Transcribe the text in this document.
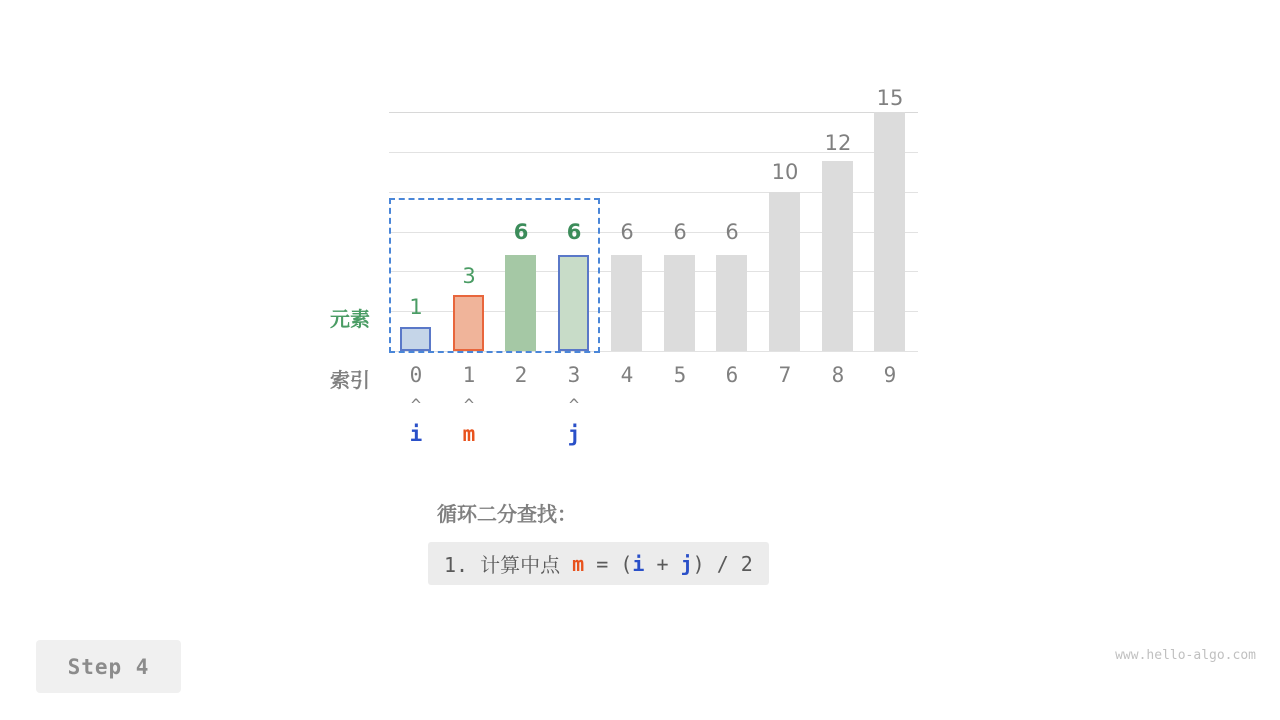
元素
索引
1
3
6	6	6	6	6
10
12
15
0	1	2	3	4	5	6	7	8	9
^
i
^
m
^
j
循环二分查找：
1. 计算中点 m = ( i + j ) / 2
Step 4	www.hello-algo.com
